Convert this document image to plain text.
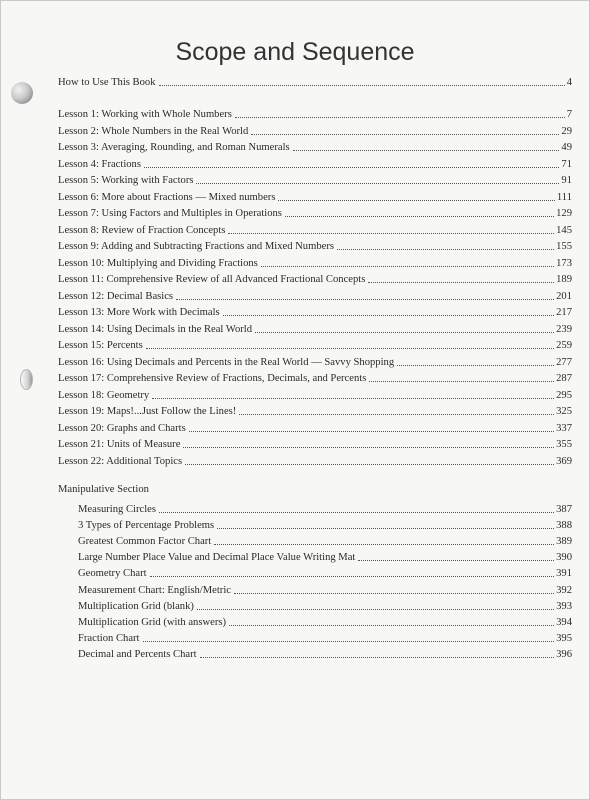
Scope and Sequence
How to Use This Book	4
Lesson 1: Working with Whole Numbers	7
Lesson 2: Whole Numbers in the Real World	29
Lesson 3: Averaging, Rounding, and Roman Numerals	49
Lesson 4: Fractions	71
Lesson 5: Working with Factors	91
Lesson 6: More about Fractions — Mixed numbers	111
Lesson 7: Using Factors and Multiples in Operations	129
Lesson 8: Review of Fraction Concepts	145
Lesson 9: Adding and Subtracting Fractions and Mixed Numbers	155
Lesson 10: Multiplying and Dividing Fractions	173
Lesson 11: Comprehensive Review of all Advanced Fractional Concepts	189
Lesson 12: Decimal Basics	201
Lesson 13: More Work with Decimals	217
Lesson 14: Using Decimals in the Real World	239
Lesson 15: Percents	259
Lesson 16: Using Decimals and Percents in the Real World — Savvy Shopping	277
Lesson 17: Comprehensive Review of Fractions, Decimals, and Percents	287
Lesson 18: Geometry	295
Lesson 19: Maps!...Just Follow the Lines!	325
Lesson 20: Graphs and Charts	337
Lesson 21: Units of Measure	355
Lesson 22: Additional Topics	369
Manipulative Section
Measuring Circles	387
3 Types of Percentage Problems	388
Greatest Common Factor Chart	389
Large Number Place Value and Decimal Place Value Writing Mat	390
Geometry Chart	391
Measurement Chart: English/Metric	392
Multiplication Grid (blank)	393
Multiplication Grid (with answers)	394
Fraction Chart	395
Decimal and Percents Chart	396
